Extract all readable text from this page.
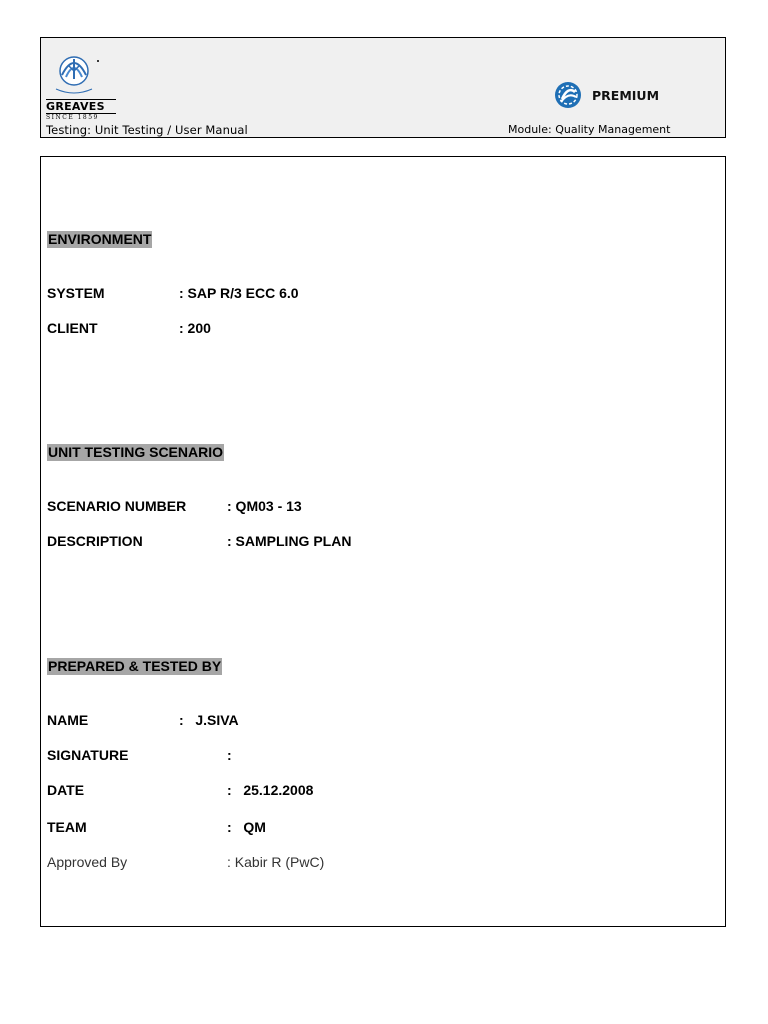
GREAVES
SINCE 1859
Testing: Unit Testing / User Manual
PREMIUM
Module: Quality Management
ENVIRONMENT
SYSTEM	: SAP R/3 ECC 6.0
CLIENT	: 200
UNIT TESTING SCENARIO
SCENARIO NUMBER	: QM03 - 13
DESCRIPTION	: SAMPLING PLAN
PREPARED & TESTED BY
NAME	:   J.SIVA
SIGNATURE	:
DATE	:   25.12.2008
TEAM	:   QM
Approved By	: Kabir R (PwC)
